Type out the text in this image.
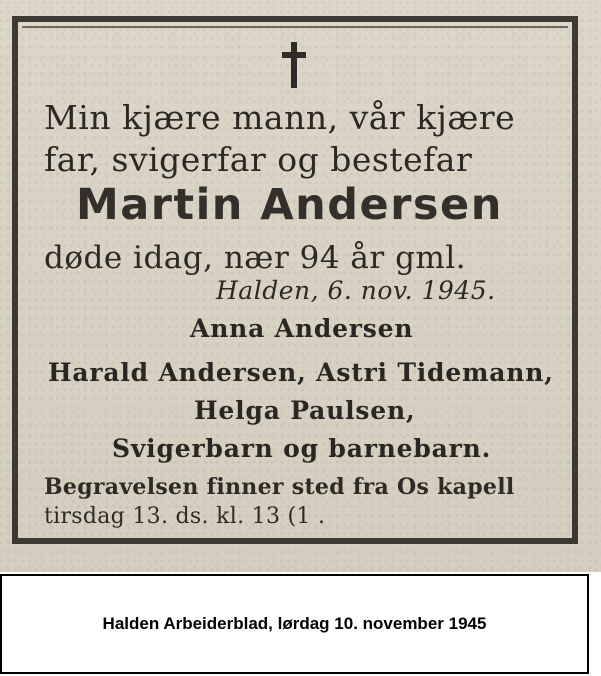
Min kjære mann, vår kjære
far, svigerfar og bestefar
Martin Andersen
døde idag, nær 94 år gml.
Halden, 6. nov. 1945.
Anna Andersen
Harald Andersen, Astri Tidemann,
Helga Paulsen,
Svigerbarn og barnebarn.
Begravelsen finner sted fra Os kapell
tirsdag 13. ds. kl. 13 (1 .
Halden Arbeiderblad, lørdag 10. november 1945
